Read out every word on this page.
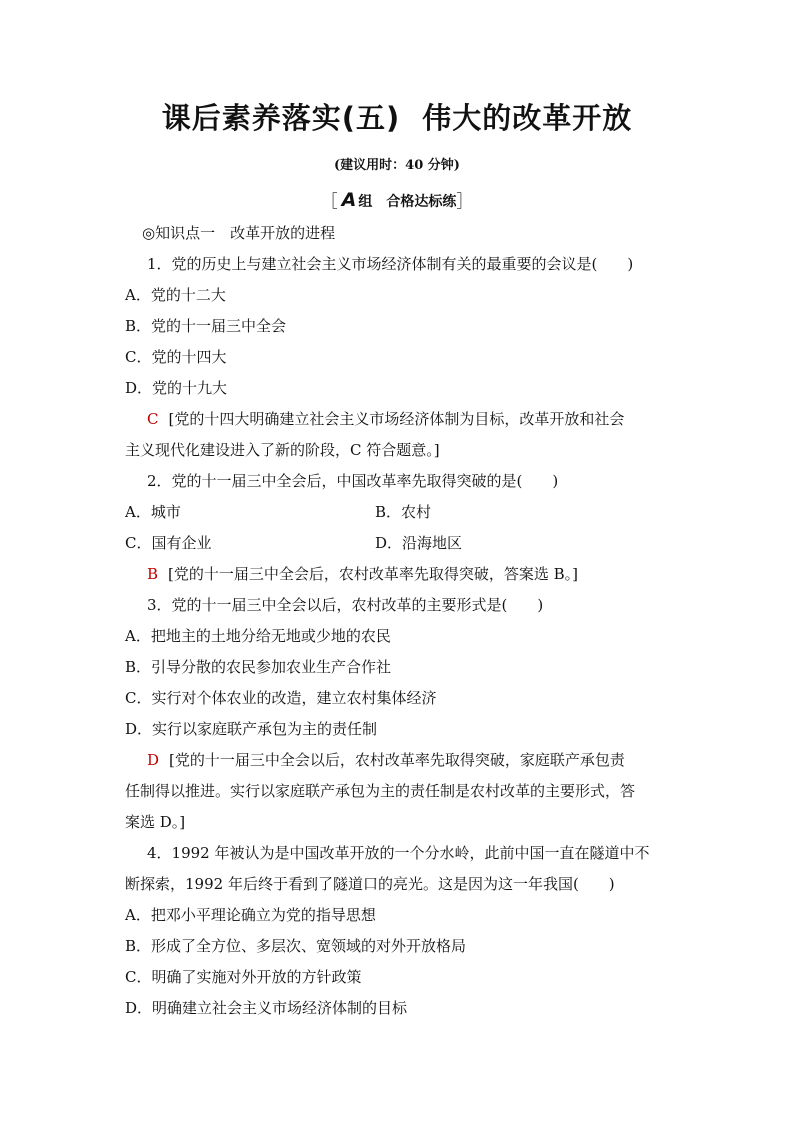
课后素养落实(五) 伟大的改革开放
(建议用时：40 分钟)
［ A 组 合格达标练］
◎知识点一　改革开放的进程
1．党的历史上与建立社会主义市场经济体制有关的最重要的会议是(　　)
A．党的十二大
B．党的十一届三中全会
C．党的十四大
D．党的十九大
C [党的十四大明确建立社会主义市场经济体制为目标，改革开放和社会
主义现代化建设进入了新的阶段，C 符合题意。]
2．党的十一届三中全会后，中国改革率先取得突破的是(　　)
A．城市	B．农村
C．国有企业	D．沿海地区
B [党的十一届三中全会后，农村改革率先取得突破，答案选 B。]
3．党的十一届三中全会以后，农村改革的主要形式是(　　)
A．把地主的土地分给无地或少地的农民
B．引导分散的农民参加农业生产合作社
C．实行对个体农业的改造，建立农村集体经济
D．实行以家庭联产承包为主的责任制
D [党的十一届三中全会以后，农村改革率先取得突破，家庭联产承包责
任制得以推进。实行以家庭联产承包为主的责任制是农村改革的主要形式，答
案选 D。]
4．1992 年被认为是中国改革开放的一个分水岭，此前中国一直在隧道中不
断探索，1992 年后终于看到了隧道口的亮光。这是因为这一年我国(　　)
A．把邓小平理论确立为党的指导思想
B．形成了全方位、多层次、宽领域的对外开放格局
C．明确了实施对外开放的方针政策
D．明确建立社会主义市场经济体制的目标
